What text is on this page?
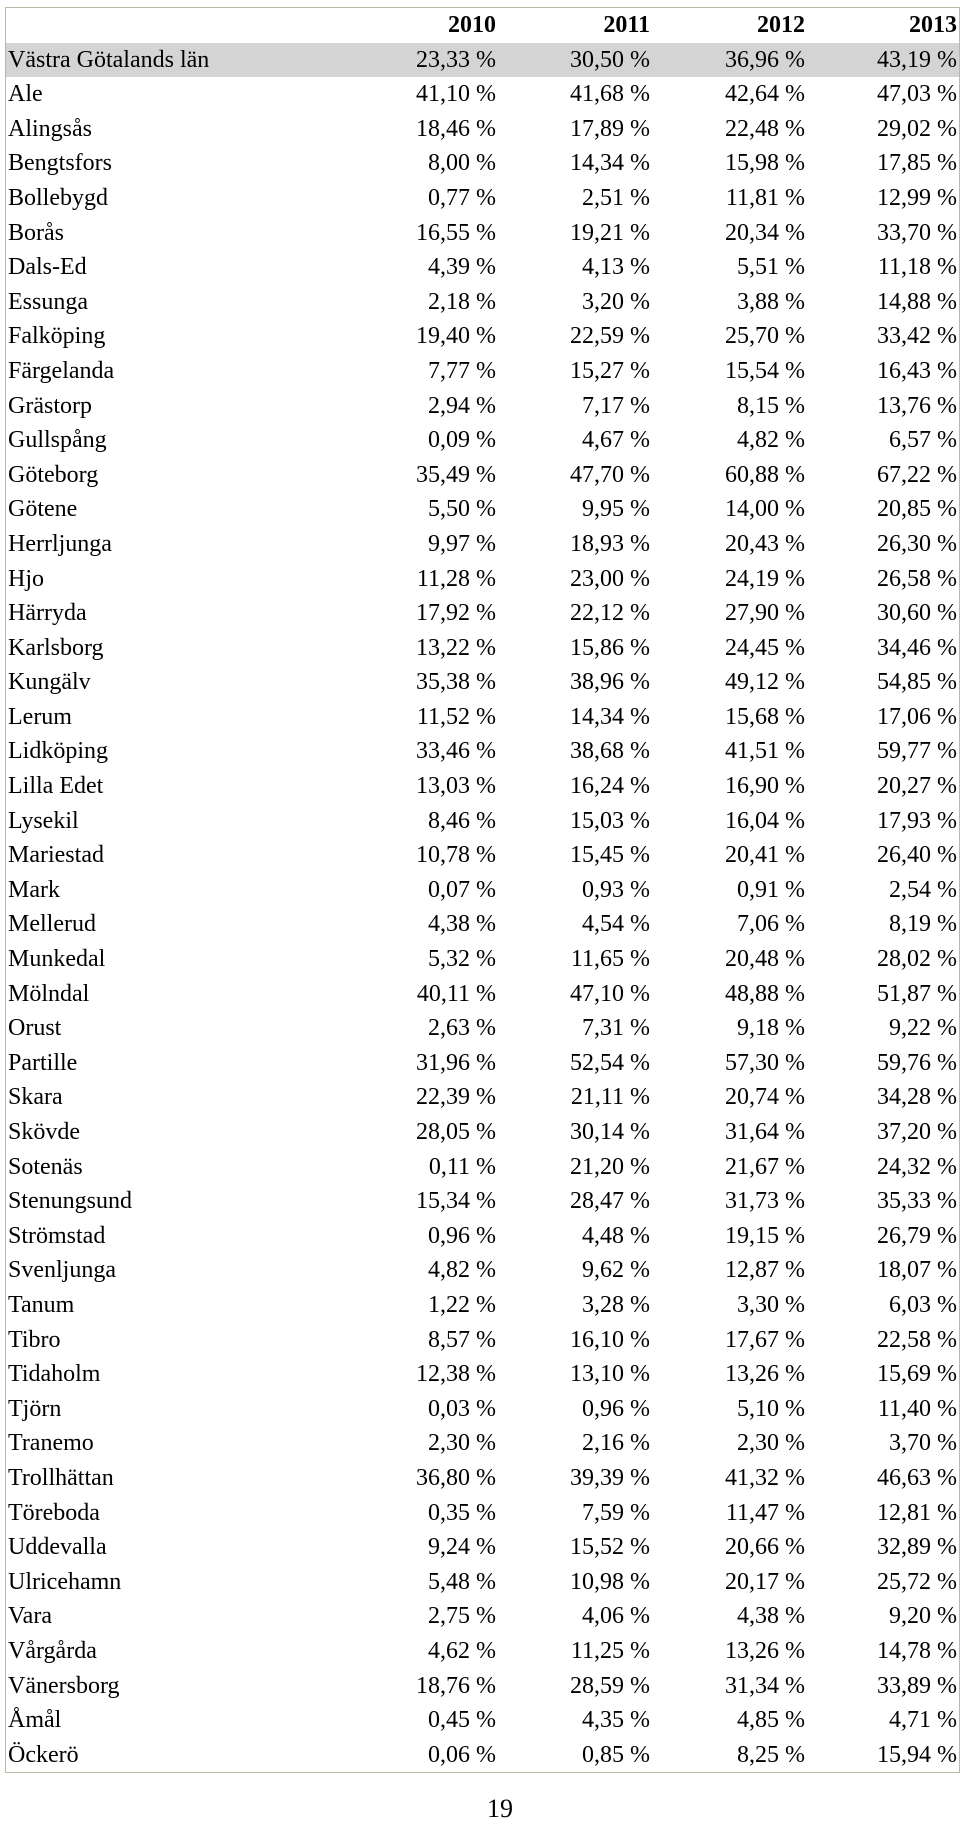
	2010	2011	2012	2013
Västra Götalands län	23,33 %	30,50 %	36,96 %	43,19 %
Ale	41,10 %	41,68 %	42,64 %	47,03 %
Alingsås	18,46 %	17,89 %	22,48 %	29,02 %
Bengtsfors	8,00 %	14,34 %	15,98 %	17,85 %
Bollebygd	0,77 %	2,51 %	11,81 %	12,99 %
Borås	16,55 %	19,21 %	20,34 %	33,70 %
Dals-Ed	4,39 %	4,13 %	5,51 %	11,18 %
Essunga	2,18 %	3,20 %	3,88 %	14,88 %
Falköping	19,40 %	22,59 %	25,70 %	33,42 %
Färgelanda	7,77 %	15,27 %	15,54 %	16,43 %
Grästorp	2,94 %	7,17 %	8,15 %	13,76 %
Gullspång	0,09 %	4,67 %	4,82 %	6,57 %
Göteborg	35,49 %	47,70 %	60,88 %	67,22 %
Götene	5,50 %	9,95 %	14,00 %	20,85 %
Herrljunga	9,97 %	18,93 %	20,43 %	26,30 %
Hjo	11,28 %	23,00 %	24,19 %	26,58 %
Härryda	17,92 %	22,12 %	27,90 %	30,60 %
Karlsborg	13,22 %	15,86 %	24,45 %	34,46 %
Kungälv	35,38 %	38,96 %	49,12 %	54,85 %
Lerum	11,52 %	14,34 %	15,68 %	17,06 %
Lidköping	33,46 %	38,68 %	41,51 %	59,77 %
Lilla Edet	13,03 %	16,24 %	16,90 %	20,27 %
Lysekil	8,46 %	15,03 %	16,04 %	17,93 %
Mariestad	10,78 %	15,45 %	20,41 %	26,40 %
Mark	0,07 %	0,93 %	0,91 %	2,54 %
Mellerud	4,38 %	4,54 %	7,06 %	8,19 %
Munkedal	5,32 %	11,65 %	20,48 %	28,02 %
Mölndal	40,11 %	47,10 %	48,88 %	51,87 %
Orust	2,63 %	7,31 %	9,18 %	9,22 %
Partille	31,96 %	52,54 %	57,30 %	59,76 %
Skara	22,39 %	21,11 %	20,74 %	34,28 %
Skövde	28,05 %	30,14 %	31,64 %	37,20 %
Sotenäs	0,11 %	21,20 %	21,67 %	24,32 %
Stenungsund	15,34 %	28,47 %	31,73 %	35,33 %
Strömstad	0,96 %	4,48 %	19,15 %	26,79 %
Svenljunga	4,82 %	9,62 %	12,87 %	18,07 %
Tanum	1,22 %	3,28 %	3,30 %	6,03 %
Tibro	8,57 %	16,10 %	17,67 %	22,58 %
Tidaholm	12,38 %	13,10 %	13,26 %	15,69 %
Tjörn	0,03 %	0,96 %	5,10 %	11,40 %
Tranemo	2,30 %	2,16 %	2,30 %	3,70 %
Trollhättan	36,80 %	39,39 %	41,32 %	46,63 %
Töreboda	0,35 %	7,59 %	11,47 %	12,81 %
Uddevalla	9,24 %	15,52 %	20,66 %	32,89 %
Ulricehamn	5,48 %	10,98 %	20,17 %	25,72 %
Vara	2,75 %	4,06 %	4,38 %	9,20 %
Vårgårda	4,62 %	11,25 %	13,26 %	14,78 %
Vänersborg	18,76 %	28,59 %	31,34 %	33,89 %
Åmål	0,45 %	4,35 %	4,85 %	4,71 %
Öckerö	0,06 %	0,85 %	8,25 %	15,94 %
19
